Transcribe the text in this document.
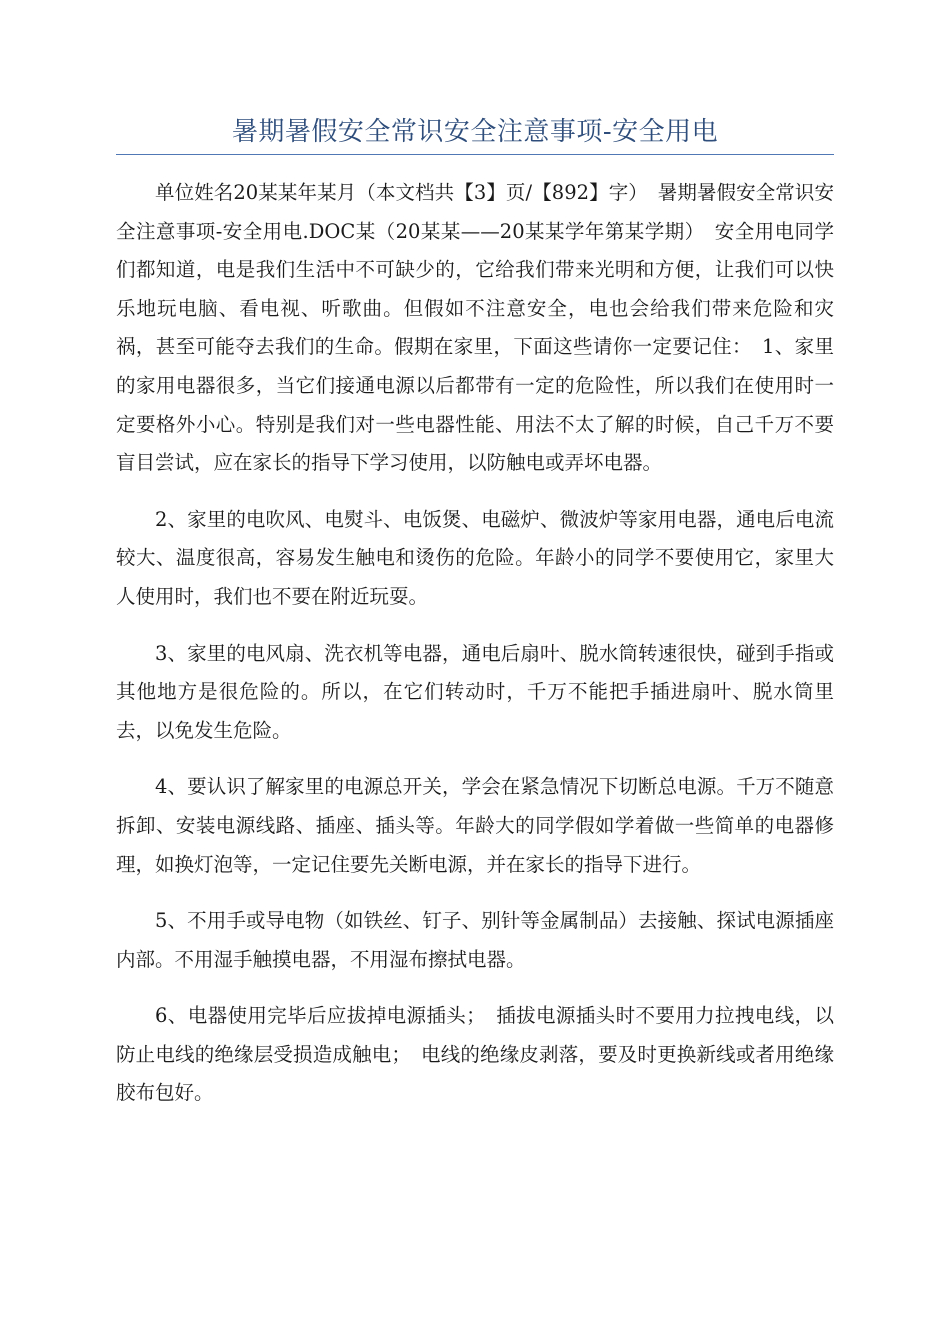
暑期暑假安全常识安全注意事项-安全用电

单位姓名20某某年某月（本文档共【3】页/【892】字）　暑期暑假安全常识安全注意事项-安全用电.DOC某（20某某——20某某学年第某学期）　安全用电同学们都知道，电是我们生活中不可缺少的，它给我们带来光明和方便，让我们可以快乐地玩电脑、看电视、听歌曲。但假如不注意安全，电也会给我们带来危险和灾祸，甚至可能夺去我们的生命。假期在家里，下面这些请你一定要记住：　1、家里的家用电器很多，当它们接通电源以后都带有一定的危险性，所以我们在使用时一定要格外小心。特别是我们对一些电器性能、用法不太了解的时候，自己千万不要盲目尝试，应在家长的指导下学习使用，以防触电或弄坏电器。

2、家里的电吹风、电熨斗、电饭煲、电磁炉、微波炉等家用电器，通电后电流较大、温度很高，容易发生触电和烫伤的危险。年龄小的同学不要使用它，家里大人使用时，我们也不要在附近玩耍。

3、家里的电风扇、洗衣机等电器，通电后扇叶、脱水筒转速很快，碰到手指或其他地方是很危险的。所以，在它们转动时，千万不能把手插进扇叶、脱水筒里去，以免发生危险。

4、要认识了解家里的电源总开关，学会在紧急情况下切断总电源。千万不随意拆卸、安装电源线路、插座、插头等。年龄大的同学假如学着做一些简单的电器修理，如换灯泡等，一定记住要先关断电源，并在家长的指导下进行。

5、不用手或导电物（如铁丝、钉子、别针等金属制品）去接触、探试电源插座内部。不用湿手触摸电器，不用湿布擦拭电器。

6、电器使用完毕后应拔掉电源插头；　插拔电源插头时不要用力拉拽电线，以防止电线的绝缘层受损造成触电；　电线的绝缘皮剥落，要及时更换新线或者用绝缘胶布包好。
